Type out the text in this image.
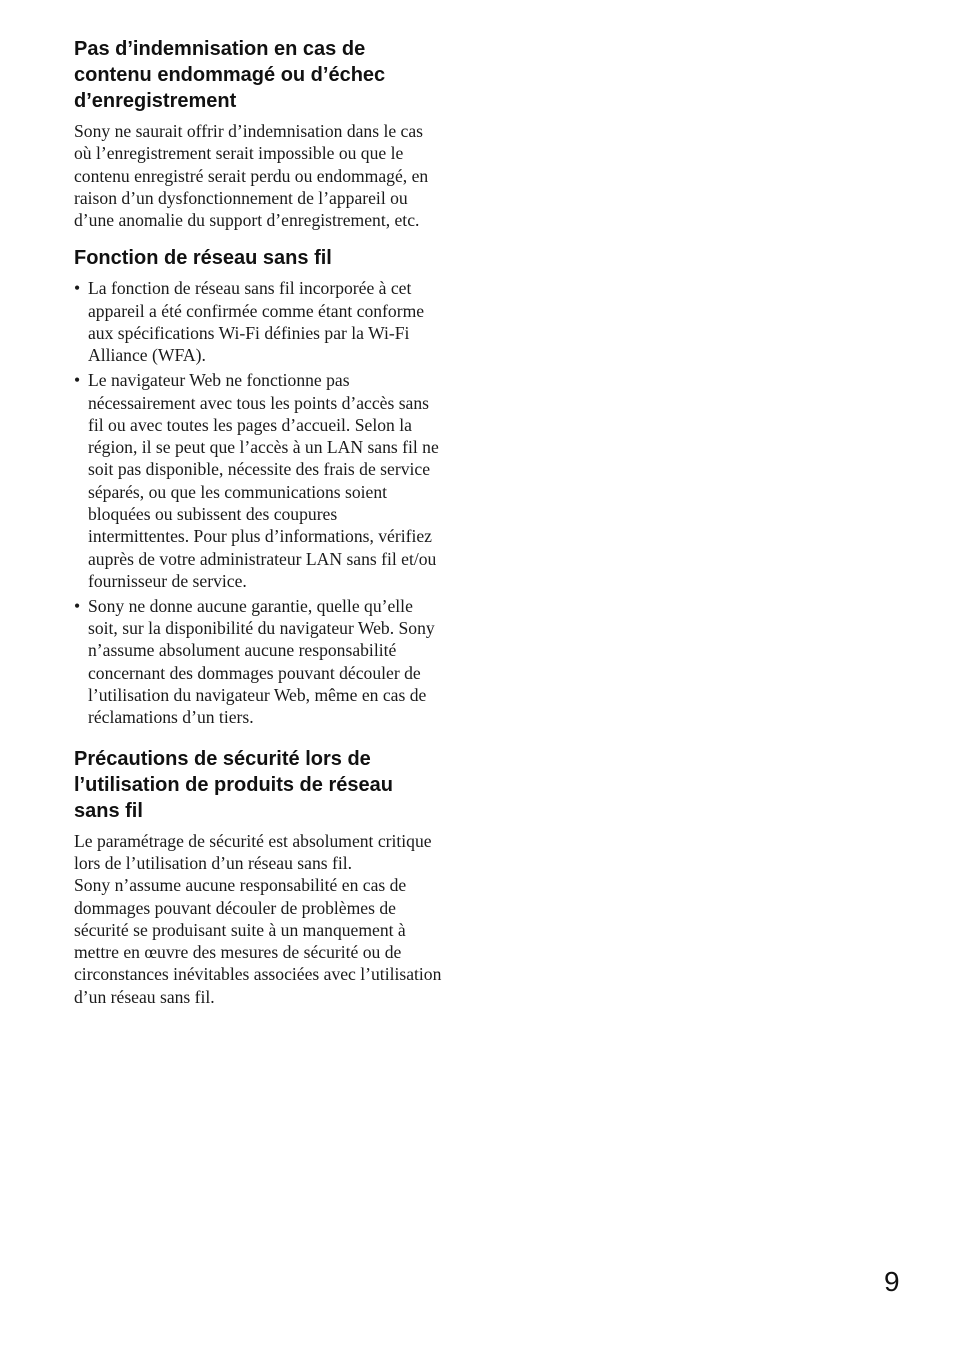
Pas d’indemnisation en cas de contenu endommagé ou d’échec d’enregistrement

Sony ne saurait offrir d’indemnisation dans le cas où l’enregistrement serait impossible ou que le contenu enregistré serait perdu ou endommagé, en raison d’un dysfonctionnement de l’appareil ou d’une anomalie du support d’enregistrement, etc.

Fonction de réseau sans fil
• La fonction de réseau sans fil incorporée à cet appareil a été confirmée comme étant conforme aux spécifications Wi-Fi définies par la Wi-Fi Alliance (WFA).
• Le navigateur Web ne fonctionne pas nécessairement avec tous les points d’accès sans fil ou avec toutes les pages d’accueil. Selon la région, il se peut que l’accès à un LAN sans fil ne soit pas disponible, nécessite des frais de service séparés, ou que les communications soient bloquées ou subissent des coupures intermittentes. Pour plus d’informations, vérifiez auprès de votre administrateur LAN sans fil et/ou fournisseur de service.
• Sony ne donne aucune garantie, quelle qu’elle soit, sur la disponibilité du navigateur Web. Sony n’assume absolument aucune responsabilité concernant des dommages pouvant découler de l’utilisation du navigateur Web, même en cas de réclamations d’un tiers.
Précautions de sécurité lors de l’utilisation de produits de réseau sans fil

Le paramétrage de sécurité est absolument critique lors de l’utilisation d’un réseau sans fil.

Sony n’assume aucune responsabilité en cas de dommages pouvant découler de problèmes de sécurité se produisant suite à un manquement à mettre en œuvre des mesures de sécurité ou de circonstances inévitables associées avec l’utilisation d’un réseau sans fil.

9
